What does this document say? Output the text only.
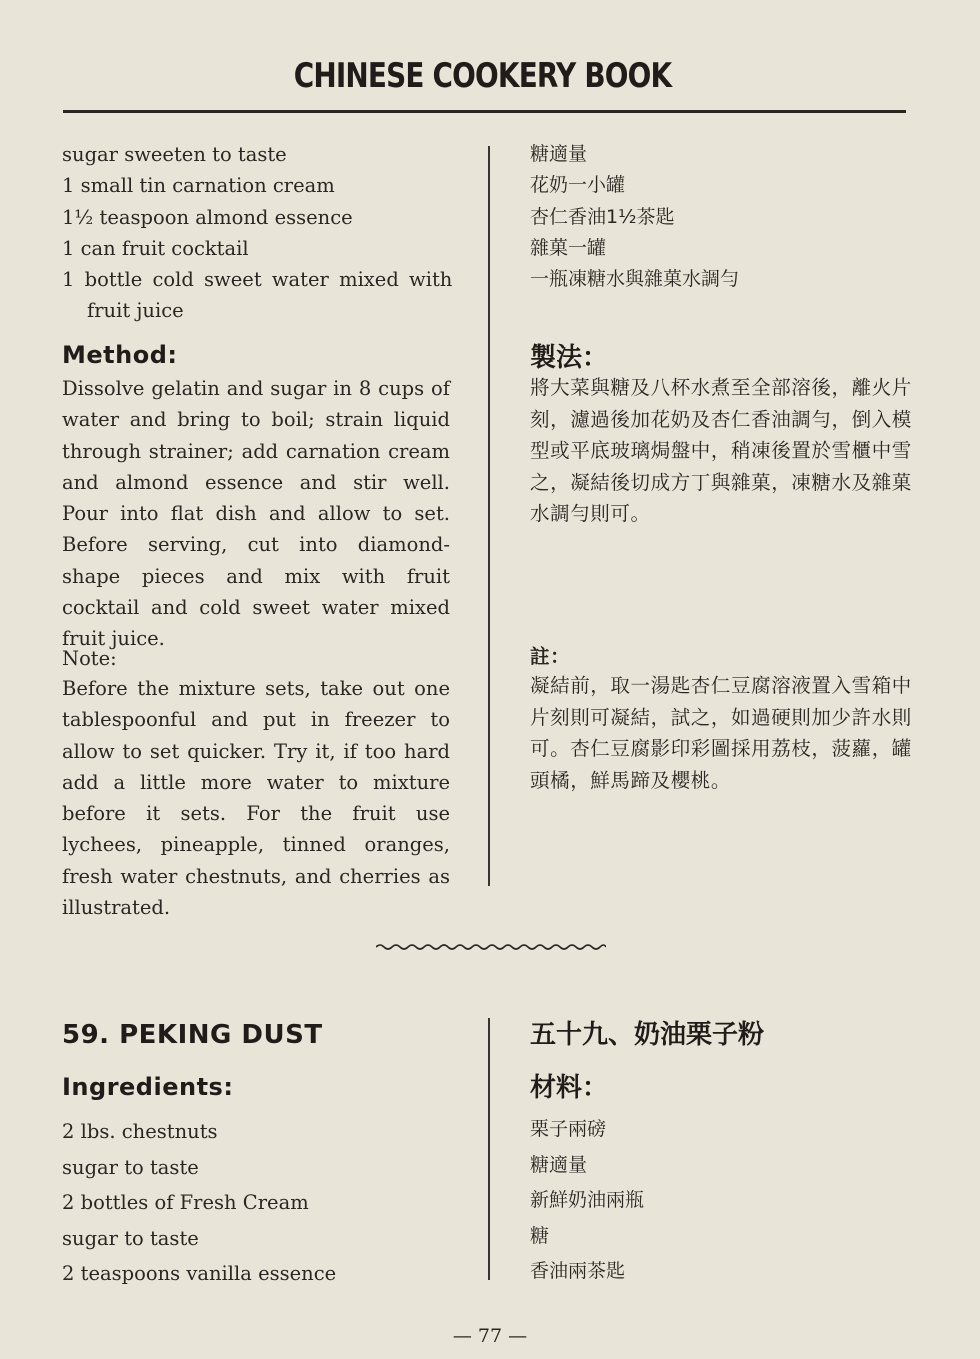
CHINESE COOKERY BOOK
sugar sweeten to taste
1 small tin carnation cream
1½ teaspoon almond essence
1 can fruit cocktail
1 bottle cold sweet water mixed with
fruit juice
Method:
Dissolve gelatin and sugar in 8 cups of water and bring to boil; strain liquid through strainer; add carnation cream and almond essence and stir well. Pour into flat dish and allow to set. Before serving, cut into diamond-shape pieces and mix with fruit cocktail and cold sweet water mixed fruit juice.
Note:
Before the mixture sets, take out one tablespoonful and put in freezer to allow to set quicker. Try it, if too hard add a little more water to mixture before it sets. For the fruit use lychees, pineapple, tinned oranges, fresh water chestnuts, and cherries as illustrated.
糖適量
花奶一小罐
杏仁香油1½茶匙
雜菓一罐
一瓶凍糖水與雜菓水調勻
製法：
將大菜與糖及八杯水煮至全部溶後，離火片刻，濾過後加花奶及杏仁香油調勻，倒入模型或平底玻璃焗盤中，稍凍後置於雪櫃中雪之，凝結後切成方丁與雜菓，凍糖水及雜菓水調勻則可。
註：
凝結前，取一湯匙杏仁豆腐溶液置入雪箱中片刻則可凝結，試之，如過硬則加少許水則可。杏仁豆腐影印彩圖採用荔枝，菠蘿，罐頭橘，鮮馬蹄及櫻桃。
59. PEKING DUST
Ingredients:
2 lbs. chestnuts
sugar to taste
2 bottles of Fresh Cream
sugar to taste
2 teaspoons vanilla essence
五十九、奶油栗子粉
材料：
栗子兩磅
糖適量
新鮮奶油兩瓶
糖
香油兩茶匙
— 77 —
